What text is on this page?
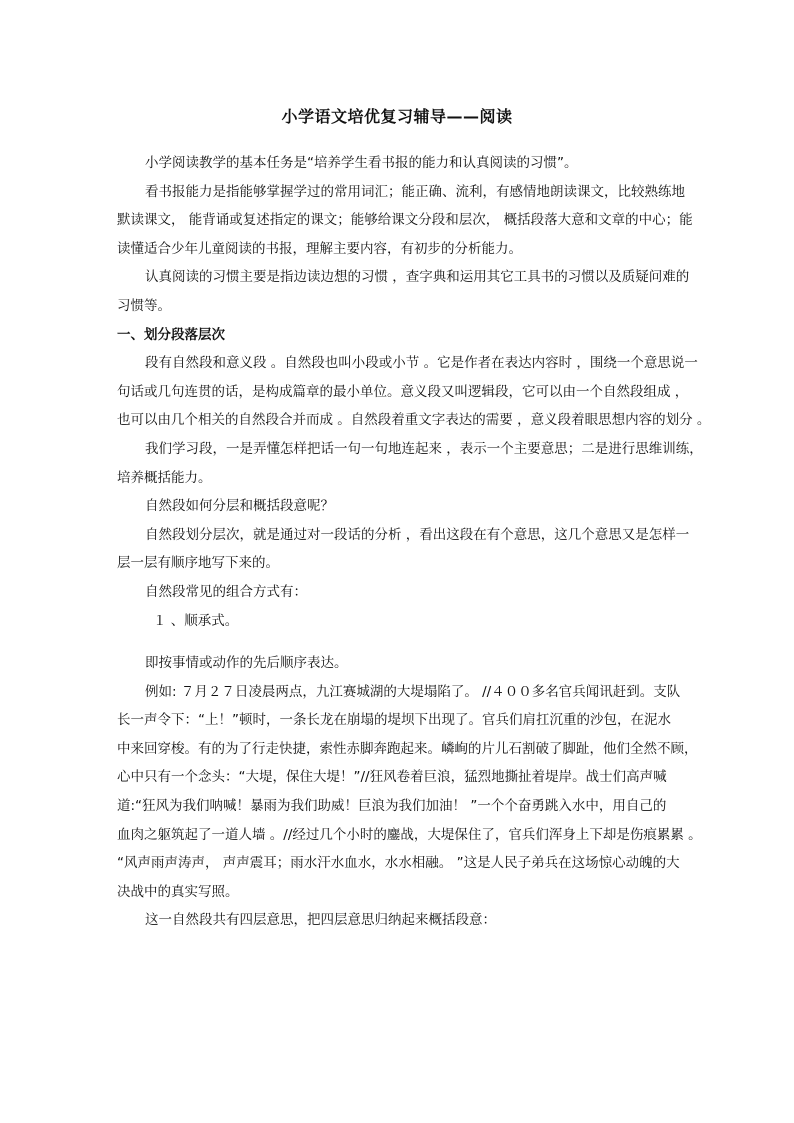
小学语文培优复习辅导——阅读

小学阅读教学的基本任务是“培养学生看书报的能力和认真阅读的习惯”。

看书报能力是指能够掌握学过的常用词汇；能正确、流利，有感情地朗读课文，比较熟练地
默读课文， 能背诵或复述指定的课文；能够给课文分段和层次， 概括段落大意和文章的中心；能
读懂适合少年儿童阅读的书报，理解主要内容，有初步的分析能力。

认真阅读的习惯主要是指边读边想的习惯 ，查字典和运用其它工具书的习惯以及质疑问难的
习惯等。

一、划分段落层次

段有自然段和意义段 。自然段也叫小段或小节 。它是作者在表达内容时 ，围绕一个意思说一
句话或几句连贯的话，是构成篇章的最小单位。意义段又叫逻辑段，它可以由一个自然段组成 ，
也可以由几个相关的自然段合并而成 。自然段着重文字表达的需要 ，意义段着眼思想内容的划分 。

我们学习段，一是弄懂怎样把话一句一句地连起来 ，表示一个主要意思；二是进行思维训练，
培养概括能力。

自然段如何分层和概括段意呢？

自然段划分层次，就是通过对一段话的分析 ，看出这段在有个意思，这几个意思又是怎样一
层一层有顺序地写下来的。

自然段常见的组合方式有：

１ 、顺承式。

即按事情或动作的先后顺序表达。

例如: ７月２７日凌晨两点，九江赛城湖的大堤塌陷了。 //４００多名官兵闻讯赶到。支队
长一声令下：“上！”顿时，一条长龙在崩塌的堤坝下出现了。官兵们肩扛沉重的沙包，在泥水
中来回穿梭。有的为了行走快捷，索性赤脚奔跑起来。嶙峋的片儿石割破了脚趾，他们全然不顾，
心中只有一个念头：“大堤，保住大堤！”//狂风卷着巨浪，猛烈地撕扯着堤岸。战士们高声喊
道:“狂风为我们呐喊！暴雨为我们助威！巨浪为我们加油！ ”一个个奋勇跳入水中，用自己的
血肉之躯筑起了一道人墙 。//经过几个小时的鏖战，大堤保住了，官兵们浑身上下却是伤痕累累 。
“风声雨声涛声， 声声震耳；雨水汗水血水，水水相融。 ”这是人民子弟兵在这场惊心动魄的大
决战中的真实写照。

这一自然段共有四层意思，把四层意思归纳起来概括段意：
